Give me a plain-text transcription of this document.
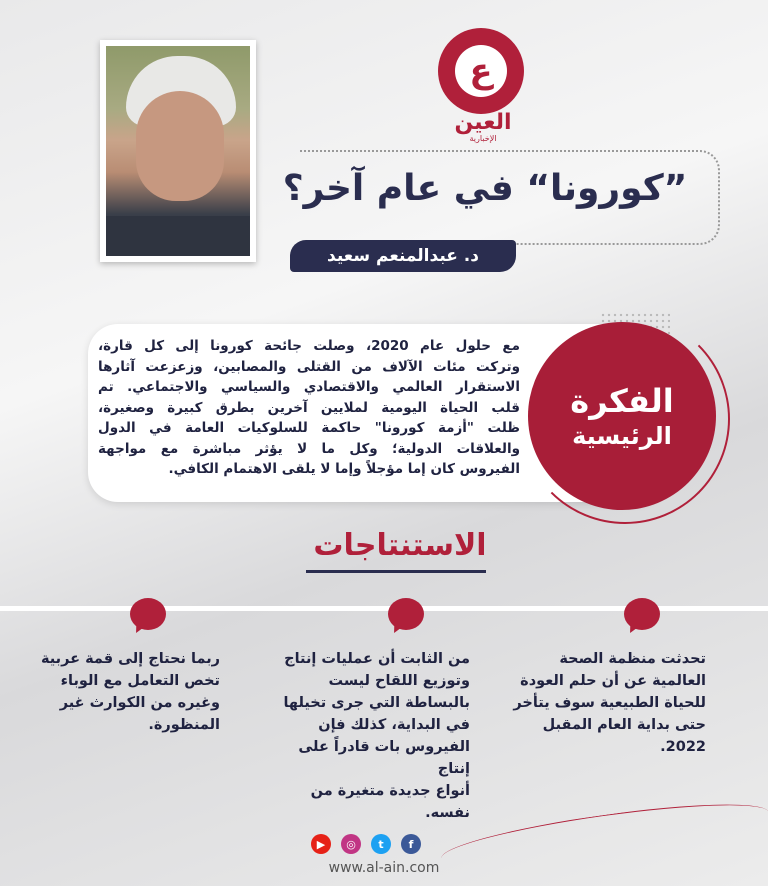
ع
العين
الإخبارية
”كورونا“ في عام آخر؟
د. عبدالمنعم سعيد
مع حلول عام 2020، وصلت جائحة كورونا إلى كل قارة،
وتركت مئات الآلاف من القتلى والمصابين، وزعزعت آثارها
الاستقرار العالمي والاقتصادي والسياسي والاجتماعي. تم
قلب الحياة اليومية لملايين آخرين بطرق كبيرة وصغيرة،
ظلت "أزمة كورونا" حاكمة للسلوكيات العامة في الدول
والعلاقات الدولية؛ وكل ما لا يؤثر مباشرة مع مواجهة
الفيروس كان إما مؤجلاً وإما لا يلقى الاهتمام الكافي.
الفكرة
الرئيسية
الاستنتاجات
تحدثت منظمة الصحة
العالمية عن أن حلم العودة
للحياة الطبيعية سوف يتأخر
حتى بداية العام المقبل 2022.
من الثابت أن عمليات إنتاج
وتوزيع اللقاح ليست
بالبساطة التي جرى تخيلها
في البداية، كذلك فإن
الفيروس بات قادراً على إنتاج
أنواع جديدة متغيرة من
نفسه.
ربما نحتاج إلى قمة عربية
تخص التعامل مع الوباء
وغيره من الكوارث غير
المنظورة.
▶	◎	t	f
www.al-ain.com
